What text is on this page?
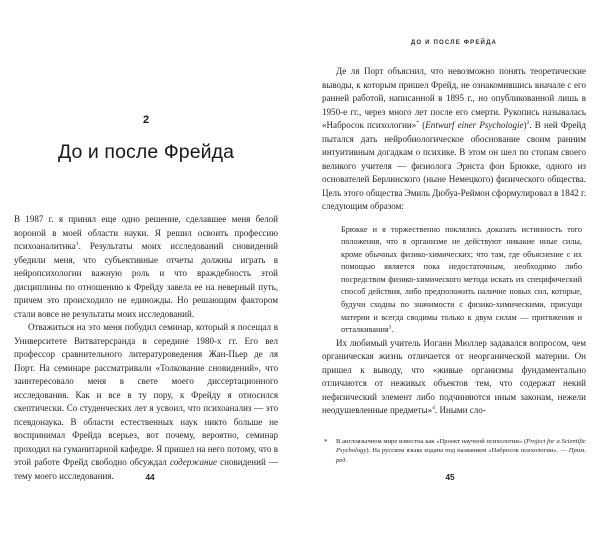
2
До и после Фрейда

В 1987 г. я принял еще одно решение, сделавшее меня белой вороной в моей области науки. Я решил освоить профессию психоаналитика$^1$. Результаты моих исследований сновидений убедили меня, что субъективные отчеты должны играть в нейропсихологии важную роль и что враждебность этой дисциплины по отношению к Фрейду завела ее на неверный путь, причем это происходило не единожды. Но решающим фактором стали вовсе не результаты моих исследований.

Отважиться на это меня побудил семинар, который я посещал в Университете Витватерсранда в середине 1980-х гг. Его вел профессор сравнительного литературоведения Жан-Пьер де ля Порт. На семинаре рассматривали «Толкование сновидений», что заинтересовало меня в свете моего диссертационного исследования. Как и все в ту пору, к Фрейду я относился скептически. Со студенческих лет я усвоил, что психоанализ — это псевдонаука. В области естественных наук никто больше не воспринимал Фрейда всерьез, вот почему, вероятно, семинар проходил на гуманитарной кафедре. Я пришел на него потому, что в этой работе Фрейд свободно обсуждал содержание сновидений — тему моего исследования.	44
ДО И ПОСЛЕ ФРЕЙДА

Де ля Порт объяснил, что невозможно понять теоретические выводы, к которым пришел Фрейд, не ознакомившись вначале с его ранней работой, написанной в 1895 г., но опубликованной лишь в 1950-е гг., через много лет после его смерти. Рукопись называлась «Набросок психологии»* (Entwurf einer Psychologie)$^2$. В ней Фрейд пытался дать нейробиологическое обоснование своим ранним интуитивным догадкам о психике. В этом он шел по стопам своего великого учителя — физиолога Эрнста фон Брюкке, одного из основателей Берлинского (ныне Немецкого) физического общества. Цель этого общества Эмиль Дюбуа-Реймон сформулировал в 1842 г. следующим образом:

Брюкке и я торжественно поклялись доказать истинность того положения, что в организме не действуют никакие иные силы, кроме обычных физико-химических; что там, где объяснение с их помощью является пока недостаточным, необходимо либо посредством физико-химического метода искать их специфический способ действия, либо предположить наличие новых сил, которые, будучи сходны по значимости с физико-химическими, присущи материи и всегда сводимы только к двум силам — притяжения и отталкивания$^3$.

Их любимый учитель Иоганн Мюллер задавался вопросом, чем органическая жизнь отличается от неорганической материи. Он пришел к выводу, что «живые организмы фундаментально отличаются от неживых объектов тем, что содержат некий нефизический элемент либо подчиняются иным законам, нежели неодушевленные предметы»$^4$. Иными сло-

* В англоязычном мире известна как «Проект научной психологии» (Project for a Scientific Psychology). На русском языке издана под названием «Набросок психологии». — Прим. ред.
45
